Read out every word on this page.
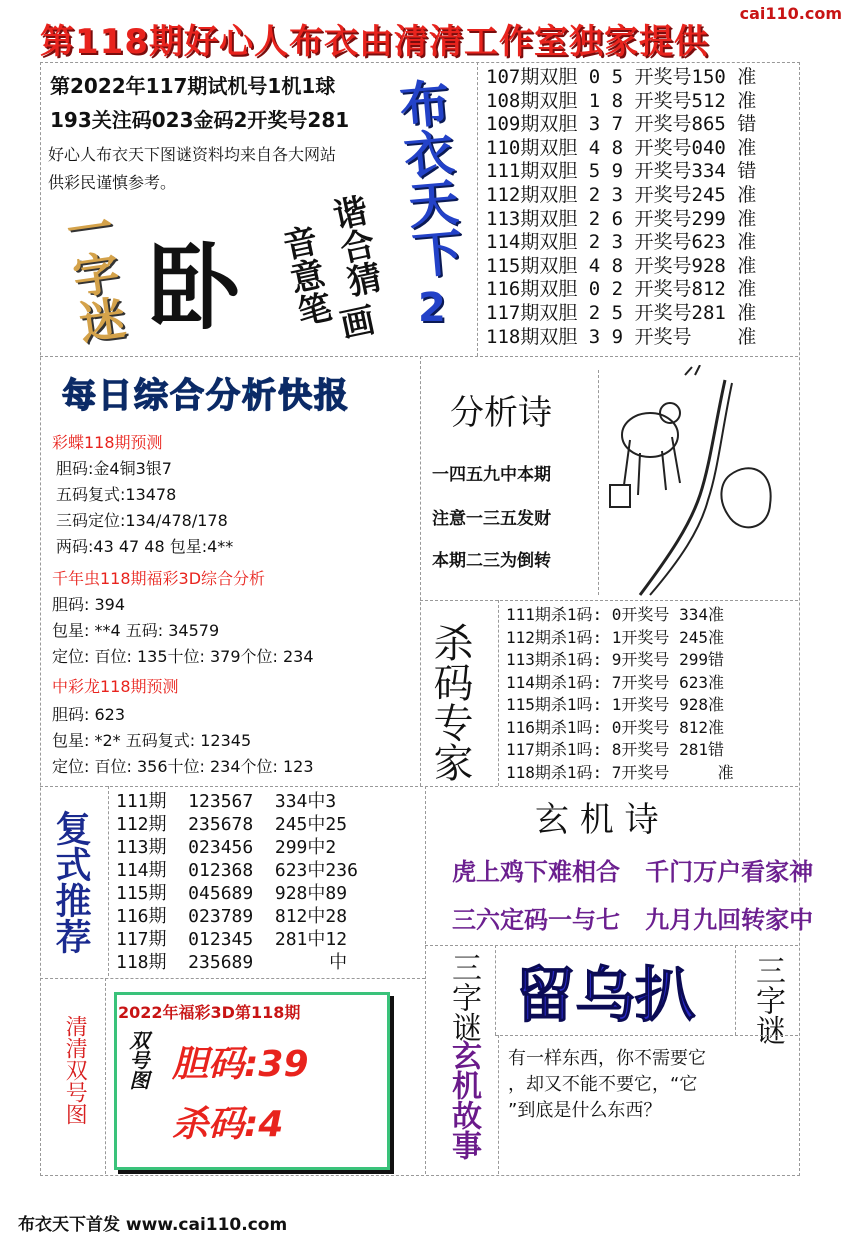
第118期好心人布衣由清清工作室独家提供
cai110.com
第2022年117期试机号1机1球
193关注码023金码2开奖号281
好心人布衣天下图谜资料均来自各大网站
供彩民谨慎参考。
一字迷 卧 谐合猜
音意笔
画
布衣天下
2
107期双胆 0 5 开奖号150 准
108期双胆 1 8 开奖号512 准
109期双胆 3 7 开奖号865 错
110期双胆 4 8 开奖号040 准
111期双胆 5 9 开奖号334 错
112期双胆 2 3 开奖号245 准
113期双胆 2 6 开奖号299 准
114期双胆 2 3 开奖号623 准
115期双胆 4 8 开奖号928 准
116期双胆 0 2 开奖号812 准
117期双胆 2 5 开奖号281 准
118期双胆 3 9 开奖号    准
每日综合分析快报
彩蝶118期预测
胆码:金4铜3银7
五码复式:13478
三码定位:134/478/178
两码:43 47 48 包星:4**
千年虫118期福彩3D综合分析
胆码: 394
包星: **4 五码: 34579
定位: 百位: 135十位: 379个位: 234
中彩龙118期预测
胆码: 623
包星: *2* 五码复式: 12345
定位: 百位: 356十位: 234个位: 123
分析诗
一四五九中本期
注意一三五发财
本期二三为倒转
杀码专家
111期杀1码: 0开奖号 334准
112期杀1码: 1开奖号 245准
113期杀1码: 9开奖号 299错
114期杀1码: 7开奖号 623准
115期杀1吗: 1开奖号 928准
116期杀1吗: 0开奖号 812准
117期杀1吗: 8开奖号 281错
118期杀1码: 7开奖号     准
复式推荐
111期  123567  334中3
112期  235678  245中25
113期  023456  299中2
114期  012368  623中236
115期  045689  928中89
116期  023789  812中28
117期  012345  281中12
118期  235689       中
玄 机 诗
虎上鸡下难相合   千门万户看家神
三六定码一与七   九月九回转家中
三字谜 留乌扒 三字谜
玄机故事 有一样东西，你不需要它
，却又不能不要它，“它
”到底是什么东西？
清清双号图
2022年福彩3D第118期
双号图 胆码:39
杀码:4
布衣天下首发 www.cai110.com
